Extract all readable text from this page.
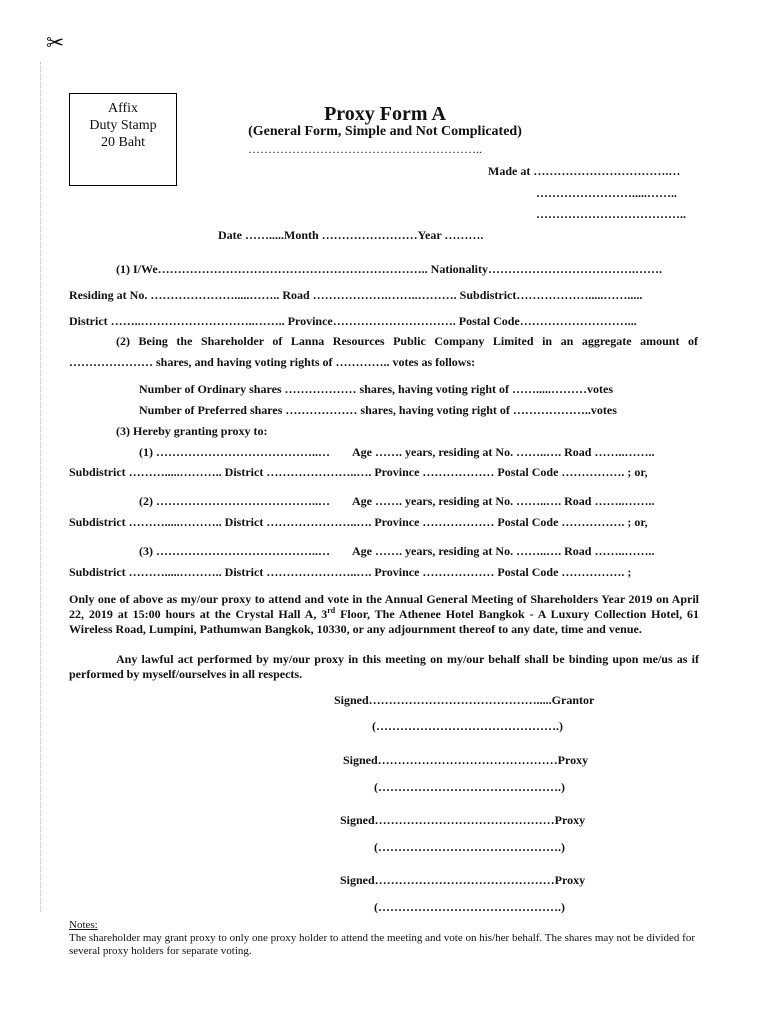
✂
Affix
Duty Stamp
20 Baht
Proxy Form A
(General Form, Simple and Not Complicated)
…………………………………………………..
Made at …………………………….…
…………………….....……..
………………………………..
Date …….....Month ……………………Year ……….
(1) I/We………………………………………………………….. Nationality……………………………….…….
Residing at No. ………………….....…….. Road ……………….……..………. Subdistrict……………….....…….....
District ……..………………………..…….. Province…………………………. Postal Code………………………...
(2) Being the Shareholder of Lanna Resources Public Company Limited in an aggregate amount of
………………… shares, and having voting rights of ………….. votes as follows:
Number of Ordinary shares ……………… shares, having voting right of …….....………votes
Number of Preferred shares ……………… shares, having voting right of ………………..votes
(3) Hereby granting proxy to:
(1) …………………………………..… Age ……. years, residing at No. ……..…. Road ……..……..
Subdistrict ……….....……….. District …………………..…. Province ……………… Postal Code ……………. ; or,
(2) …………………………………..… Age ……. years, residing at No. ……..…. Road ……..……..
Subdistrict ……….....……….. District …………………..…. Province ……………… Postal Code ……………. ; or,
(3) …………………………………..… Age ……. years, residing at No. ……..…. Road ……..……..
Subdistrict ……….....……….. District …………………..…. Province ……………… Postal Code ……………. ;
Only one of above as my/our proxy to attend and vote in the Annual General Meeting of Shareholders Year 2019 on April 22, 2019 at 15:00 hours at the Crystal Hall A, 3rd Floor, The Athenee Hotel Bangkok - A Luxury Collection Hotel, 61 Wireless Road, Lumpini, Pathumwan Bangkok, 10330, or any adjournment thereof to any date, time and venue.
Any lawful act performed by my/our proxy in this meeting on my/our behalf shall be binding upon me/us as if performed by myself/ourselves in all respects.
Signed…………………………………….....Grantor
(……………………………………….)
Signed………………………………………Proxy
(……………………………………….)
Signed………………………………………Proxy
(……………………………………….)
Signed………………………………………Proxy
(……………………………………….)
Notes:
The shareholder may grant proxy to only one proxy holder to attend the meeting and vote on his/her behalf. The shares may not be divided for several proxy holders for separate voting.
